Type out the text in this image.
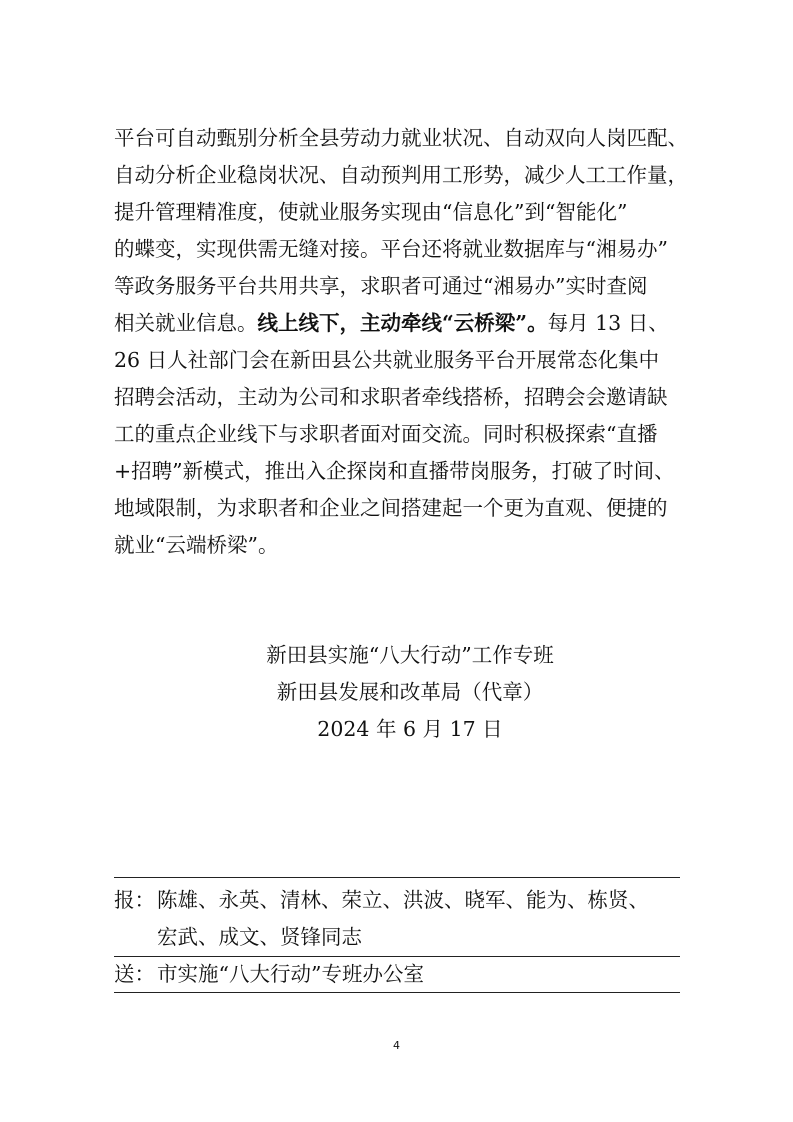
平台可自动甄别分析全县劳动力就业状况、自动双向人岗匹配、
自动分析企业稳岗状况、自动预判用工形势，减少人工工作量，
提升管理精准度，使就业服务实现由“信息化”到“智能化”
的蝶变，实现供需无缝对接。平台还将就业数据库与“湘易办”
等政务服务平台共用共享，求职者可通过“湘易办”实时查阅
相关就业信息。线上线下，主动牵线“云桥梁”。每月 13 日、
26 日人社部门会在新田县公共就业服务平台开展常态化集中
招聘会活动，主动为公司和求职者牵线搭桥，招聘会会邀请缺
工的重点企业线下与求职者面对面交流。同时积极探索“直播
+招聘”新模式，推出入企探岗和直播带岗服务，打破了时间、
地域限制，为求职者和企业之间搭建起一个更为直观、便捷的
就业“云端桥梁”。
新田县实施“八大行动”工作专班
新田县发展和改革局（代章）
2024 年 6 月 17 日
报： 陈雄、永英、清林、荣立、洪波、晓军、能为、栋贤、
宏武、成文、贤锋同志
送： 市实施“八大行动”专班办公室
4
